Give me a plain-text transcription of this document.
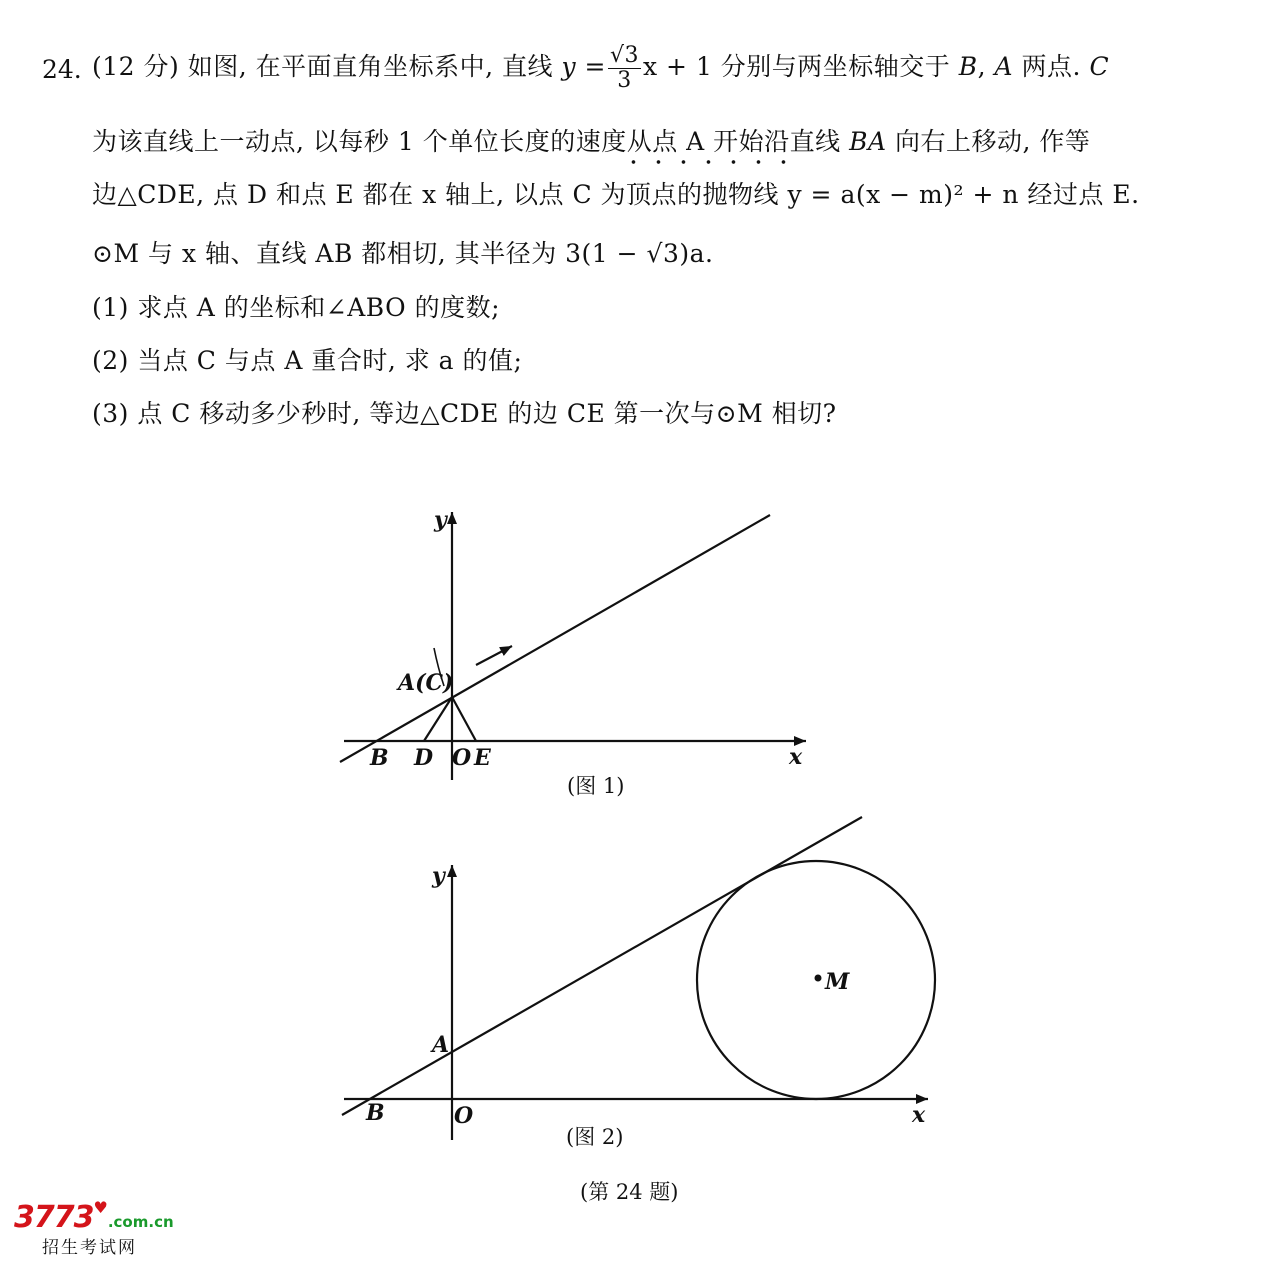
24. (12 分) 如图, 在平面直角坐标系中, 直线 $y = \frac{√3}{3}$ x + 1 分别与两坐标轴交于 B, A 两点. C
为该直线上一动点, 以每秒 1 个单位长度的速度从点 A 开始沿直线 BA 向右上移动, 作等
边△CDE, 点 D 和点 E 都在 x 轴上, 以点 C 为顶点的抛物线 y = a(x − m)² + n 经过点 E.
⊙M 与 x 轴、直线 AB 都相切, 其半径为 3(1 − √3)a.
(1) 求点 A 的坐标和∠ABO 的度数;
(2) 当点 C 与点 A 重合时, 求 a 的值;
(3) 点 C 移动多少秒时, 等边△CDE 的边 CE 第一次与⊙M 相切?
y
x
A(C)
B D O E
y
x
A
B	O
M
(图 1)
(图 2)
(第 24 题)
3773♥.com.cn
招生考试网
